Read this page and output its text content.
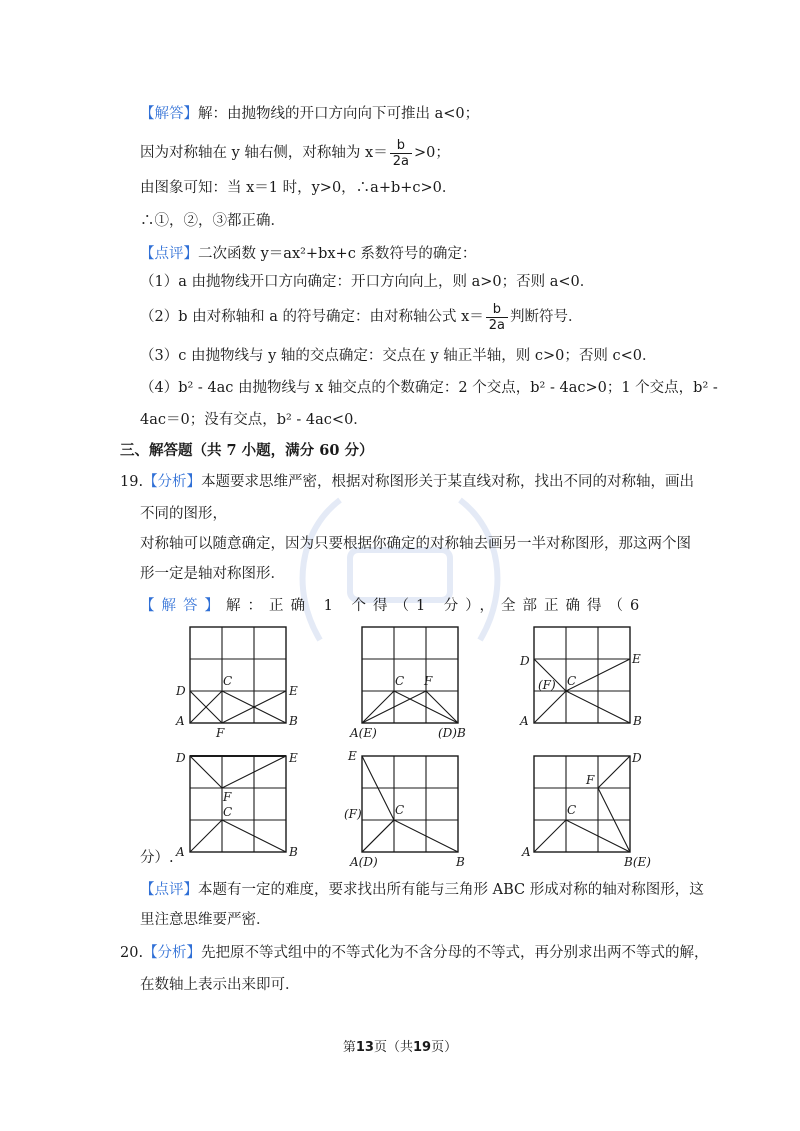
【解答】解：由抛物线的开口方向向下可推出 a<0；
因为对称轴在 y 轴右侧，对称轴为 $x= \frac{b}{2a} >0$；
由图象可知：当 x＝1 时，y>0，∴a+b+c>0．
∴①，②，③都正确．
【点评】二次函数 y＝ax²+bx+c 系数符号的确定：
（1）a 由抛物线开口方向确定：开口方向向上，则 a>0；否则 a<0．
（2）b 由对称轴和 a 的符号确定：由对称轴公式 $x= \frac{b}{2a}$ 判断符号．
（3）c 由抛物线与 y 轴的交点确定：交点在 y 轴正半轴，则 c>0；否则 c<0．
（4）b² - 4ac 由抛物线与 x 轴交点的个数确定：2 个交点，b² - 4ac>0；1 个交点，b² -
4ac＝0；没有交点，b² - 4ac<0．
三、解答题（共 7 小题，满分 60 分）
19.【分析】本题要求思维严密，根据对称图形关于某直线对称，找出不同的对称轴，画出
不同的图形，
对称轴可以随意确定，因为只要根据你确定的对称轴去画另一半对称图形，那这两个图
形一定是轴对称图形．
【解答】解：正确 1 个得（1 分），全部正确得（6
分）.
D
C
E
A
F
B
C F
A(E)	(D)B
D	E
(F) C
A	B
D	E
F
C
A	B
E
(F)	C
A(D)	B
D
F
C
A
B(E)
【点评】本题有一定的难度，要求找出所有能与三角形 ABC 形成对称的轴对称图形，这
里注意思维要严密．
20.【分析】先把原不等式组中的不等式化为不含分母的不等式，再分别求出两不等式的解，
在数轴上表示出来即可．
第13页（共19页）
